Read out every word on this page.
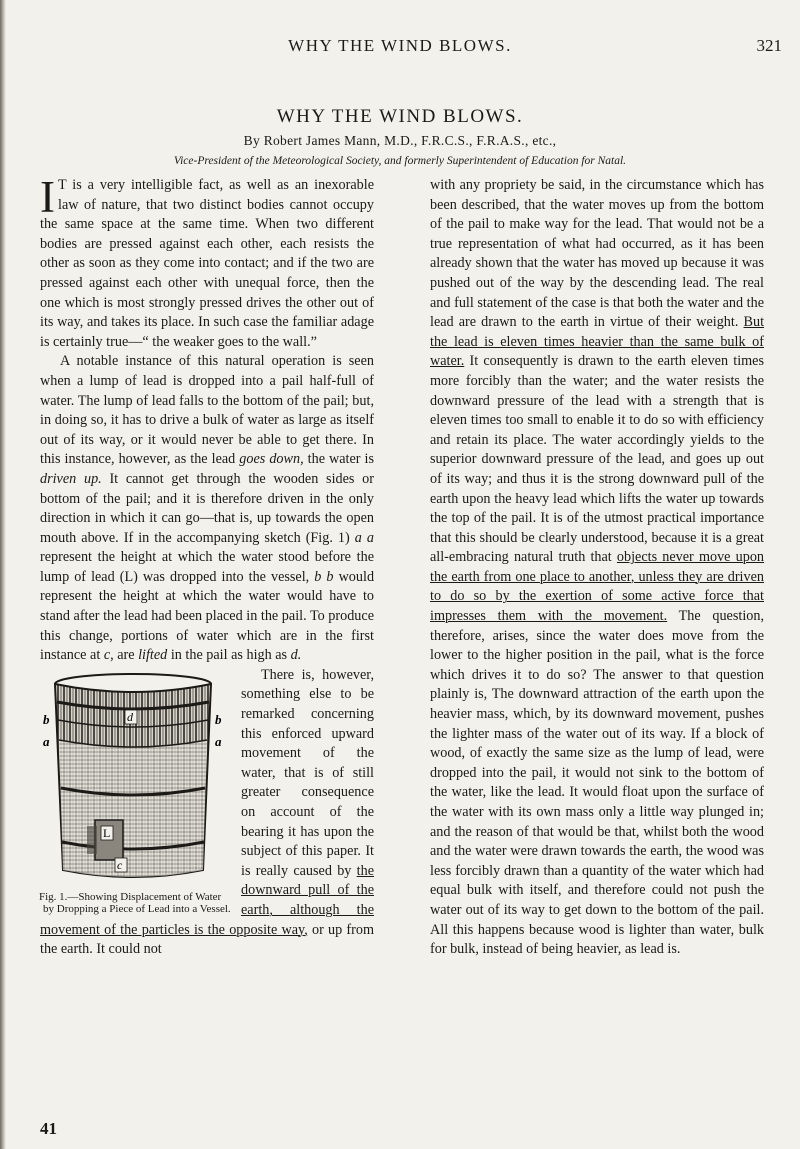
WHY THE WIND BLOWS.	321
WHY THE WIND BLOWS.
By Robert James Mann, M.D., F.R.C.S., F.R.A.S., etc.,
Vice-President of the Meteorological Society, and formerly Superintendent of Education for Natal.

I T is a very intelligible fact, as well as an inexorable law of nature, that two distinct bodies cannot occupy the same space at the same time. When two different bodies are pressed against each other, each resists the other as soon as they come into contact; and if the two are pressed against each other with unequal force, then the one which is most strongly pressed drives the other out of its way, and takes its place. In such case the familiar adage is certainly true—“ the weaker goes to the wall.”

A notable instance of this natural operation is seen when a lump of lead is dropped into a pail half-full of water. The lump of lead falls to the bottom of the pail; but, in doing so, it has to drive a bulk of water as large as itself out of its way, or it would never be able to get there. In this instance, however, as the lead goes down, the water is driven up. It cannot get through the wooden sides or bottom of the pail; and it is therefore driven in the only direction in which it can go—that is, up towards the open mouth above. If in the accompanying sketch (Fig. 1) a a represent the height at which the water stood before the lump of lead (L) was dropped into the vessel, b b would represent the height at which the water would have to stand after the lead had been placed in the pail. To produce this change, portions of water which are in the first instance at c, are lifted in the pail as high as d.

d
c
L
b	b
a	a
Fig. 1.—Showing Displacement of Water by Dropping a Piece of Lead into a Vessel.

There is, however, something else to be remarked concerning this enforced upward movement of the water, that is of still greater consequence on account of the bearing it has upon the subject of this paper. It is really caused by the downward pull of the earth, although the movement of the particles is the opposite way, or up from the earth. It could not

with any propriety be said, in the circumstance which has been described, that the water moves up from the bottom of the pail to make way for the lead. That would not be a true representation of what had occurred, as it has been already shown that the water has moved up because it was pushed out of the way by the descending lead. The real and full statement of the case is that both the water and the lead are drawn to the earth in virtue of their weight. But the lead is eleven times heavier than the same bulk of water. It consequently is drawn to the earth eleven times more forcibly than the water; and the water resists the downward pressure of the lead with a strength that is eleven times too small to enable it to do so with efficiency and retain its place. The water accordingly yields to the superior downward pressure of the lead, and goes up out of its way; and thus it is the strong downward pull of the earth upon the heavy lead which lifts the water up towards the top of the pail. It is of the utmost practical importance that this should be clearly understood, because it is a great all-embracing natural truth that objects never move upon the earth from one place to another, unless they are driven to do so by the exertion of some active force that impresses them with the movement. The question, therefore, arises, since the water does move from the lower to the higher position in the pail, what is the force which drives it to do so? The answer to that question plainly is, The downward attraction of the earth upon the heavier mass, which, by its downward movement, pushes the lighter mass of the water out of its way. If a block of wood, of exactly the same size as the lump of lead, were dropped into the pail, it would not sink to the bottom of the water, like the lead. It would float upon the surface of the water with its own mass only a little way plunged in; and the reason of that would be that, whilst both the wood and the water were drawn towards the earth, the wood was less forcibly drawn than a quantity of the water which had equal bulk with itself, and therefore could not push the water out of its way to get down to the bottom of the pail. All this happens because wood is lighter than water, bulk for bulk, instead of being heavier, as lead is.

41
